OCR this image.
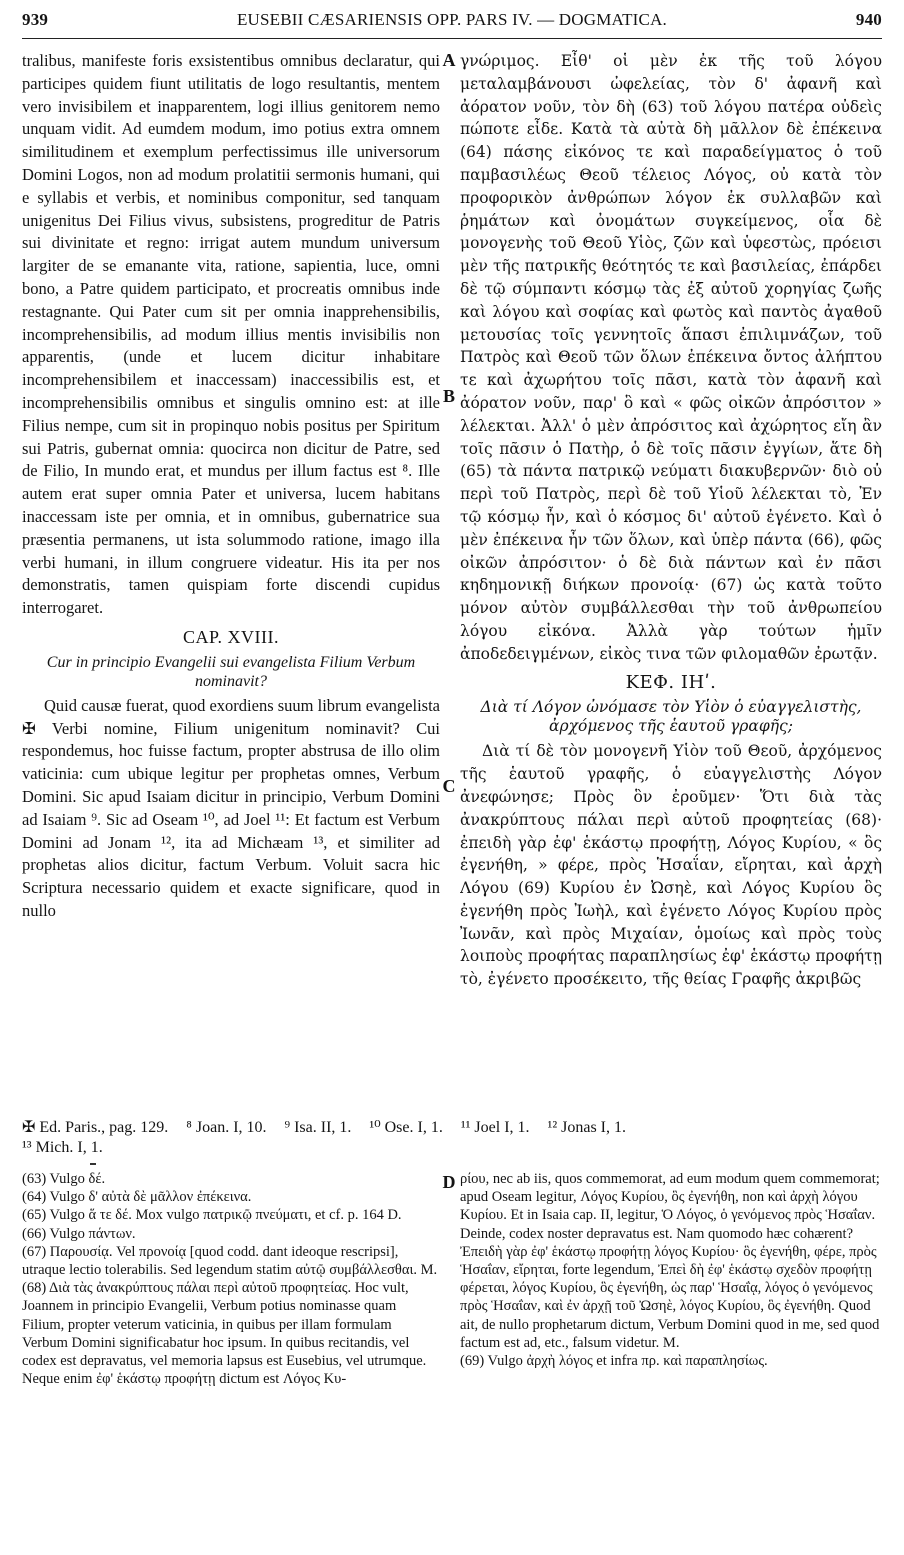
939	EUSEBII CÆSARIENSIS OPP. PARS IV. — DOGMATICA.	940
A
B
C
D

tralibus, manifeste foris exsistentibus omnibus declaratur, qui participes quidem fiunt utilitatis de logo resultantis, mentem vero invisibilem et inapparentem, logi illius genitorem nemo unquam vidit. Ad eumdem modum, imo potius extra omnem similitudinem et exemplum perfectissimus ille universorum Domini Logos, non ad modum prolatitii sermonis humani, qui e syllabis et verbis, et nominibus componitur, sed tanquam unigenitus Dei Filius vivus, subsistens, progreditur de Patris sui divinitate et regno: irrigat autem mundum universum largiter de se emanante vita, ratione, sapientia, luce, omni bono, a Patre quidem participato, et procreatis omnibus inde restagnante. Qui Pater cum sit per omnia inapprehensibilis, incomprehensibilis, ad modum illius mentis invisibilis non apparentis, (unde et lucem dicitur inhabitare incomprehensibilem et inaccessam) inaccessibilis est, et incomprehensibilis omnibus et singulis omnino est: at ille Filius nempe, cum sit in propinquo nobis positus per Spiritum sui Patris, gubernat omnia: quocirca non dicitur de Patre, sed de Filio, In mundo erat, et mundus per illum factus est ⁸. Ille autem erat super omnia Pater et universa, lucem habitans inaccessam iste per omnia, et in omnibus, gubernatrice sua præsentia permanens, ut ista solummodo ratione, imago illa verbi humani, in illum congruere videatur. His ita per nos demonstratis, tamen quispiam forte discendi cupidus interrogaret.

CAP. XVIII.
Cur in principio Evangelii sui evangelista Filium Verbum nominavit?

Quid causæ fuerat, quod exordiens suum librum evangelista ✠ Verbi nomine, Filium unigenitum nominavit? Cui respondemus, hoc fuisse factum, propter abstrusa de illo olim vaticinia: cum ubique legitur per prophetas omnes, Verbum Domini. Sic apud Isaiam dicitur in principio, Verbum Domini ad Isaiam ⁹. Sic ad Oseam ¹⁰, ad Joel ¹¹: Et factum est Verbum Domini ad Jonam ¹², ita ad Michæam ¹³, et similiter ad prophetas alios dicitur, factum Verbum. Voluit sacra hic Scriptura necessario quidem et exacte significare, quod in nullo

γνώριμος. Εἶθ' οἱ μὲν ἐκ τῆς τοῦ λόγου μεταλαμβάνουσι ὠφελείας, τὸν δ' ἀφανῆ καὶ ἀόρατον νοῦν, τὸν δὴ (63) τοῦ λόγου πατέρα οὐδεὶς πώποτε εἶδε. Κατὰ τὰ αὐτὰ δὴ μᾶλλον δὲ ἐπέκεινα (64) πάσης εἰκόνος τε καὶ παραδείγματος ὁ τοῦ παμβασιλέως Θεοῦ τέλειος Λόγος, οὐ κατὰ τὸν προφορικὸν ἀνθρώπων λόγον ἐκ συλλαβῶν καὶ ῥημάτων καὶ ὀνομάτων συγκείμενος, οἷα δὲ μονογενὴς τοῦ Θεοῦ Υἱὸς, ζῶν καὶ ὑφεστὼς, πρόεισι μὲν τῆς πατρικῆς θεότητός τε καὶ βασιλείας, ἐπάρδει δὲ τῷ σύμπαντι κόσμῳ τὰς ἐξ αὐτοῦ χορηγίας ζωῆς καὶ λόγου καὶ σοφίας καὶ φωτὸς καὶ παντὸς ἀγαθοῦ μετουσίας τοῖς γεννητοῖς ἅπασι ἐπιλιμνάζων, τοῦ Πατρὸς καὶ Θεοῦ τῶν ὅλων ἐπέκεινα ὄντος ἀλήπτου τε καὶ ἀχωρήτου τοῖς πᾶσι, κατὰ τὸν ἀφανῆ καὶ ἀόρατον νοῦν, παρ' ὃ καὶ « φῶς οἰκῶν ἀπρόσιτον » λέλεκται. Ἀλλ' ὁ μὲν ἀπρόσιτος καὶ ἀχώρητος εἴη ἂν τοῖς πᾶσιν ὁ Πατὴρ, ὁ δὲ τοῖς πᾶσιν ἐγγίων, ἅτε δὴ (65) τὰ πάντα πατρικῷ νεύματι διακυβερνῶν· διὸ οὐ περὶ τοῦ Πατρὸς, περὶ δὲ τοῦ Υἱοῦ λέλεκται τὸ, Ἐν τῷ κόσμῳ ἦν, καὶ ὁ κόσμος δι' αὐτοῦ ἐγένετο. Καὶ ὁ μὲν ἐπέκεινα ἦν τῶν ὅλων, καὶ ὑπὲρ πάντα (66), φῶς οἰκῶν ἀπρόσιτον· ὁ δὲ διὰ πάντων καὶ ἐν πᾶσι κηδημονικῇ διήκων προνοίᾳ· (67) ὡς κατὰ τοῦτο μόνον αὐτὸν συμβάλλεσθαι τὴν τοῦ ἀνθρωπείου λόγου εἰκόνα. Ἀλλὰ γὰρ τούτων ἡμῖν ἀποδεδειγμένων, εἰκὸς τινα τῶν φιλομαθῶν ἐρωτᾷν.

ΚΕΦ. ΙΗʹ.
Διὰ τί Λόγον ὠνόμασε τὸν Υἱὸν ὁ εὐαγγελιστὴς, ἀρχόμενος τῆς ἑαυτοῦ γραφῆς;

Διὰ τί δὲ τὸν μονογενῆ Υἱὸν τοῦ Θεοῦ, ἀρχόμενος τῆς ἑαυτοῦ γραφῆς, ὁ εὐαγγελιστὴς Λόγον ἀνεφώνησε; Πρὸς ὃν ἐροῦμεν· Ὅτι διὰ τὰς ἀνακρύπτους πάλαι περὶ αὐτοῦ προφητείας (68)· ἐπειδὴ γὰρ ἐφ' ἑκάστῳ προφήτῃ, Λόγος Κυρίου, « ὃς ἐγενήθη, » φέρε, πρὸς Ἡσαΐαν, εἴρηται, καὶ ἀρχὴ Λόγου (69) Κυρίου ἐν Ὠσηὲ, καὶ Λόγος Κυρίου ὃς ἐγενήθη πρὸς Ἰωὴλ, καὶ ἐγένετο Λόγος Κυρίου πρὸς Ἰωνᾶν, καὶ πρὸς Μιχαίαν, ὁμοίως καὶ πρὸς τοὺς λοιποὺς προφήτας παραπλησίως ἐφ' ἑκάστῳ προφήτῃ τὸ, ἐγένετο προσέκειτο, τῆς θείας Γραφῆς ἀκριβῶς

✠ Ed. Paris., pag. 129. ⁸ Joan. I, 10. ⁹ Isa. II, 1. ¹⁰ Ose. I, 1. ¹¹ Joel I, 1. ¹² Jonas I, 1.
¹³ Mich. I, 1.
(63) Vulgo δέ.
(64) Vulgo δ' αὐτὰ δὲ μᾶλλον ἐπέκεινα.
(65) Vulgo ἅ τε δέ. Mox vulgo πατρικῷ πνεύματι, et cf. p. 164 D.
(66) Vulgo πάντων.
(67) Παρουσίᾳ. Vel προνοίᾳ [quod codd. dant ideoque rescripsi], utraque lectio tolerabilis. Sed legendum statim αὐτῷ συμβάλλεσθαι. M.
(68) Διὰ τὰς ἀνακρύπτους πάλαι περὶ αὐτοῦ προφητείας. Hoc vult, Joannem in principio Evangelii, Verbum potius nominasse quam Filium, propter veterum vaticinia, in quibus per illam formulam Verbum Domini significabatur hoc ipsum. In quibus recitandis, vel codex est depravatus, vel memoria lapsus est Eusebius, vel utrumque. Neque enim ἐφ' ἑκάστῳ προφήτῃ dictum est Λόγος Κυ-
ρίου, nec ab iis, quos commemorat, ad eum modum quem commemorat; apud Oseam legitur, Λόγος Κυρίου, ὃς ἐγενήθη, non καὶ ἀρχὴ λόγου Κυρίου. Et in Isaia cap. II, legitur, Ὁ Λόγος, ὁ γενόμενος πρὸς Ἡσαΐαν. Deinde, codex noster depravatus est. Nam quomodo hæc cohærent? Ἐπειδὴ γὰρ ἐφ' ἑκάστῳ προφήτῃ λόγος Κυρίου· ὃς ἐγενήθη, φέρε, πρὸς Ἡσαΐαν, εἴρηται, forte legendum, Ἐπεὶ δὴ ἐφ' ἑκάστῳ σχεδὸν προφήτῃ φέρεται, λόγος Κυρίου, ὃς ἐγενήθη, ὡς παρ' Ἡσαΐᾳ, λόγος ὁ γενόμενος πρὸς Ἡσαΐαν, καὶ ἐν ἀρχῇ τοῦ Ὠσηὲ, λόγος Κυρίου, ὃς ἐγενήθη. Quod ait, de nullo prophetarum dictum, Verbum Domini quod in me, sed quod factum est ad, etc., falsum videtur. M.
(69) Vulgo ἀρχὴ λόγος et infra πρ. καὶ παραπλησίως.
